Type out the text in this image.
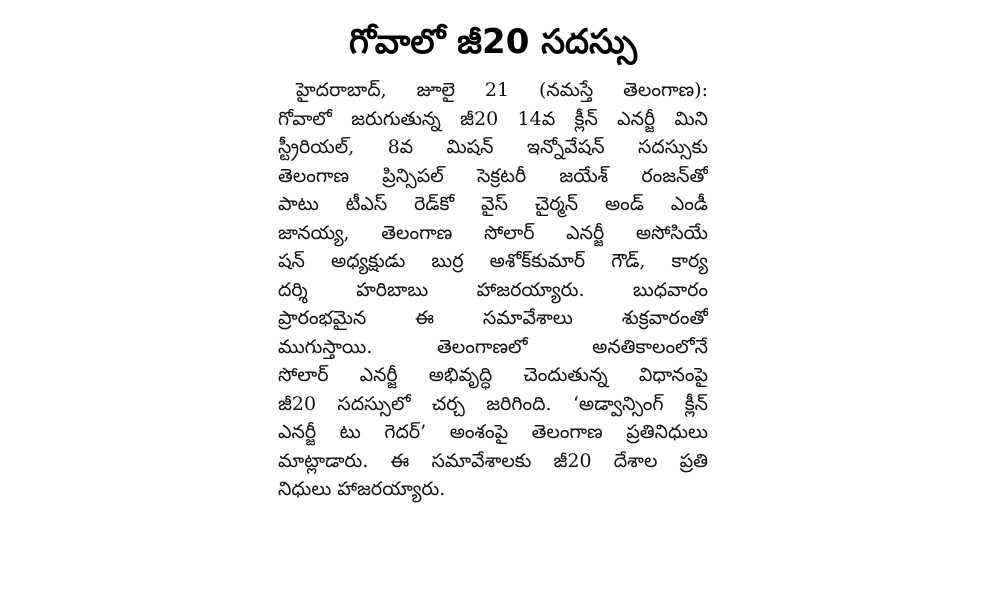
గోవాలో జీ20 సదస్సు
హైదరాబాద్, జూలై 21 (నమస్తే తెలంగాణ):
గోవాలో జరుగుతున్న జీ20 14వ క్లీన్ ఎనర్జీ మిని
స్ట్రీరియల్, 8వ మిషన్ ఇన్నోవేషన్ సదస్సుకు
తెలంగాణ ప్రిన్సిపల్ సెక్రటరీ జయేశ్ రంజన్‌తో
పాటు టీఎస్ రెడ్‌కో వైస్ చైర్మన్ అండ్ ఎండీ
జానయ్య, తెలంగాణ సోలార్ ఎనర్జీ అసోసియే
షన్ అధ్యక్షుడు బుర్ర అశోక్‌కుమార్ గౌడ్, కార్య
దర్శి హరిబాబు హాజరయ్యారు. బుధవారం
ప్రారంభమైన ఈ సమావేశాలు శుక్రవారంతో
ముగుస్తాయి. తెలంగాణలో అనతికాలంలోనే
సోలార్ ఎనర్జీ అభివృద్ధి చెందుతున్న విధానంపై
జీ20 సదస్సులో చర్చ జరిగింది. ‘అడ్వాన్సింగ్ క్లీన్
ఎనర్జీ టు గెదర్’ అంశంపై తెలంగాణ ప్రతినిధులు
మాట్లాడారు. ఈ సమావేశాలకు జీ20 దేశాల ప్రతి
నిధులు హాజరయ్యారు.
